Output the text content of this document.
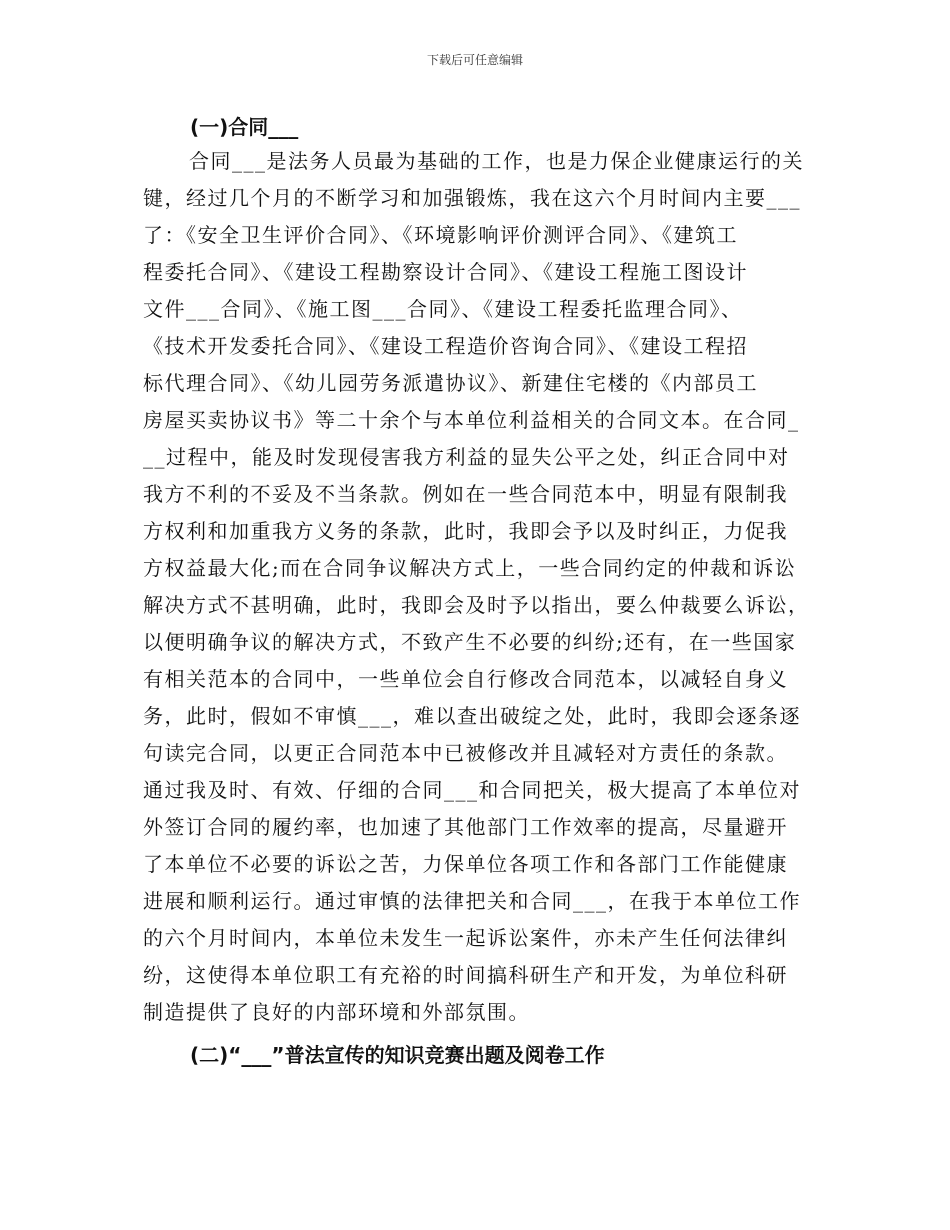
下载后可任意编辑
(一)合同___
合同___是法务人员最为基础的工作，也是力保企业健康运行的关
键，经过几个月的不断学习和加强锻炼，我在这六个月时间内主要___
了：《安全卫生评价合同》、《环境影响评价测评合同》、《建筑工
程委托合同》、《建设工程勘察设计合同》、《建设工程施工图设计
文件___合同》、《施工图___合同》、《建设工程委托监理合同》、
《技术开发委托合同》、《建设工程造价咨询合同》、《建设工程招
标代理合同》、《幼儿园劳务派遣协议》、新建住宅楼的《内部员工
房屋买卖协议书》等二十余个与本单位利益相关的合同文本。在合同_
__过程中，能及时发现侵害我方利益的显失公平之处，纠正合同中对
我方不利的不妥及不当条款。例如在一些合同范本中，明显有限制我
方权利和加重我方义务的条款，此时，我即会予以及时纠正，力促我
方权益最大化;而在合同争议解决方式上，一些合同约定的仲裁和诉讼
解决方式不甚明确，此时，我即会及时予以指出，要么仲裁要么诉讼，
以便明确争议的解决方式，不致产生不必要的纠纷;还有，在一些国家
有相关范本的合同中，一些单位会自行修改合同范本，以减轻自身义
务，此时，假如不审慎___，难以查出破绽之处，此时，我即会逐条逐
句读完合同，以更正合同范本中已被修改并且减轻对方责任的条款。
通过我及时、有效、仔细的合同___和合同把关，极大提高了本单位对
外签订合同的履约率，也加速了其他部门工作效率的提高，尽量避开
了本单位不必要的诉讼之苦，力保单位各项工作和各部门工作能健康
进展和顺利运行。通过审慎的法律把关和合同___，在我于本单位工作
的六个月时间内，本单位未发生一起诉讼案件，亦未产生任何法律纠
纷，这使得本单位职工有充裕的时间搞科研生产和开发，为单位科研
制造提供了良好的内部环境和外部氛围。
(二)“___”普法宣传的知识竞赛出题及阅卷工作
